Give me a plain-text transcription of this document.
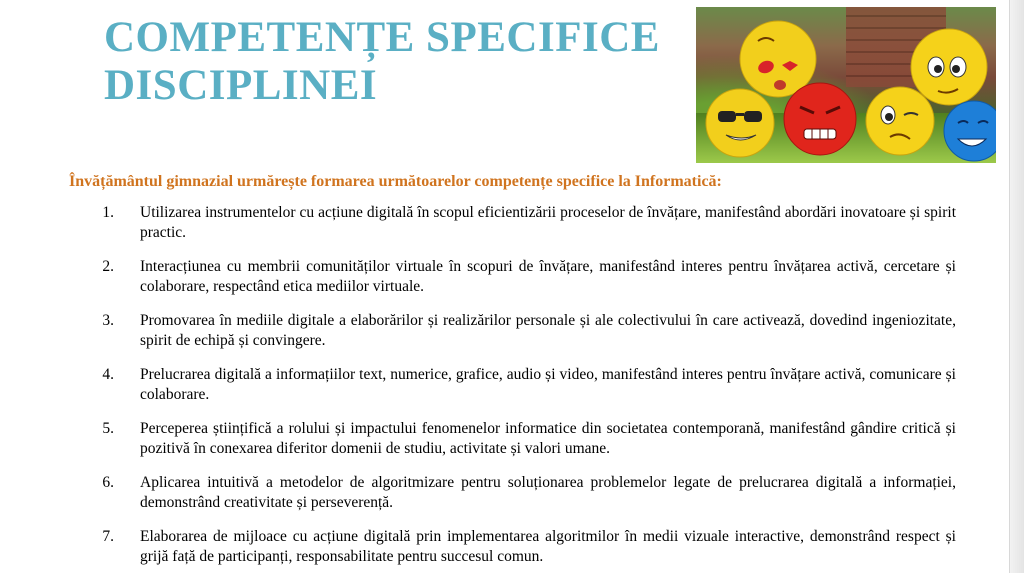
COMPETENȚE SPECIFICE
DISCIPLINEI

Învățământul gimnazial urmărește formarea următoarelor competențe specifice la Informatică:

1. Utilizarea instrumentelor cu acțiune digitală în scopul eficientizării proceselor de învățare, manifestând abordări inovatoare și spirit practic.
2. Interacțiunea cu membrii comunităților virtuale în scopuri de învățare, manifestând interes pentru învățarea activă, cercetare și colaborare, respectând etica mediilor virtuale.
3. Promovarea în mediile digitale a elaborărilor și realizărilor personale și ale colectivului în care activează, dovedind ingeniozitate, spirit de echipă și convingere.
4. Prelucrarea digitală a informațiilor text, numerice, grafice, audio și video, manifestând interes pentru învățare activă, comunicare și colaborare.
5. Perceperea științifică a rolului și impactului fenomenelor informatice din societatea contemporană, manifestând gândire critică și pozitivă în conexarea diferitor domenii de studiu, activitate și valori umane.
6. Aplicarea intuitivă a metodelor de algoritmizare pentru soluționarea problemelor legate de prelucrarea digitală a informației, demonstrând creativitate și perseverență.
7. Elaborarea de mijloace cu acțiune digitală prin implementarea algoritmilor în medii vizuale interactive, demonstrând respect și grijă față de participanți, responsabilitate pentru succesul comun.
